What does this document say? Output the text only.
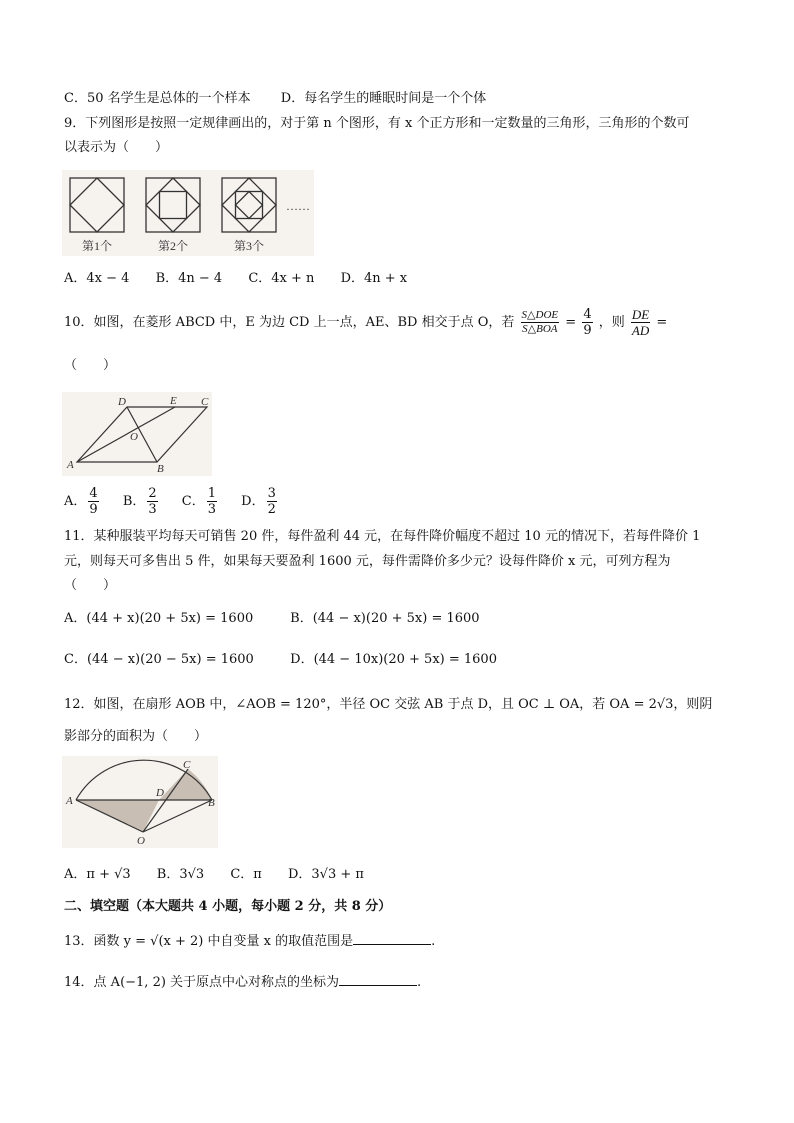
C．50 名学生是总体的一个样本 D．每名学生的睡眠时间是一个个体
9．下列图形是按照一定规律画出的，对于第 n 个图形，有 x 个正方形和一定数量的三角形，三角形的个数可
以表示为（　　）
第1个	第2个	第3个
……
A．4x − 4 B．4n − 4 C．4x + n D．4n + x
10．如图，在菱形 ABCD 中，E 为边 CD 上一点，AE、BD 相交于点 O，若 $\frac{\text{S△DOE}}{\text{S△BOA}} = \frac{4}{9}$ ，则 $\frac{DE}{AD}$ =
（　　）
A	B
C
D	E
O
A． $\frac{4}{9}$ B． $\frac{2}{3}$ C． $\frac{1}{3}$ D． $\frac{3}{2}$
11．某种服装平均每天可销售 20 件，每件盈利 44 元，在每件降价幅度不超过 10 元的情况下，若每件降价 1
元，则每天可多售出 5 件，如果每天要盈利 1600 元，每件需降价多少元？设每件降价 x 元，可列方程为
（　　）
A．(44 + x)(20 + 5x) = 1600	B．(44 − x)(20 + 5x) = 1600
C．(44 − x)(20 − 5x) = 1600	D．(44 − 10x)(20 + 5x) = 1600
12．如图，在扇形 AOB 中，∠AOB = 120°，半径 OC 交弦 AB 于点 D，且 OC ⊥ OA，若 OA = 2√3，则阴
影部分的面积为（　　）
A	B
C
D
O
A．π + √3 B．3√3 C．π D．3√3 + π
二、填空题（本大题共 4 小题，每小题 2 分，共 8 分）
13．函数 y = √(x + 2) 中自变量 x 的取值范围是	.
14．点 A(−1, 2) 关于原点中心对称点的坐标为	.
